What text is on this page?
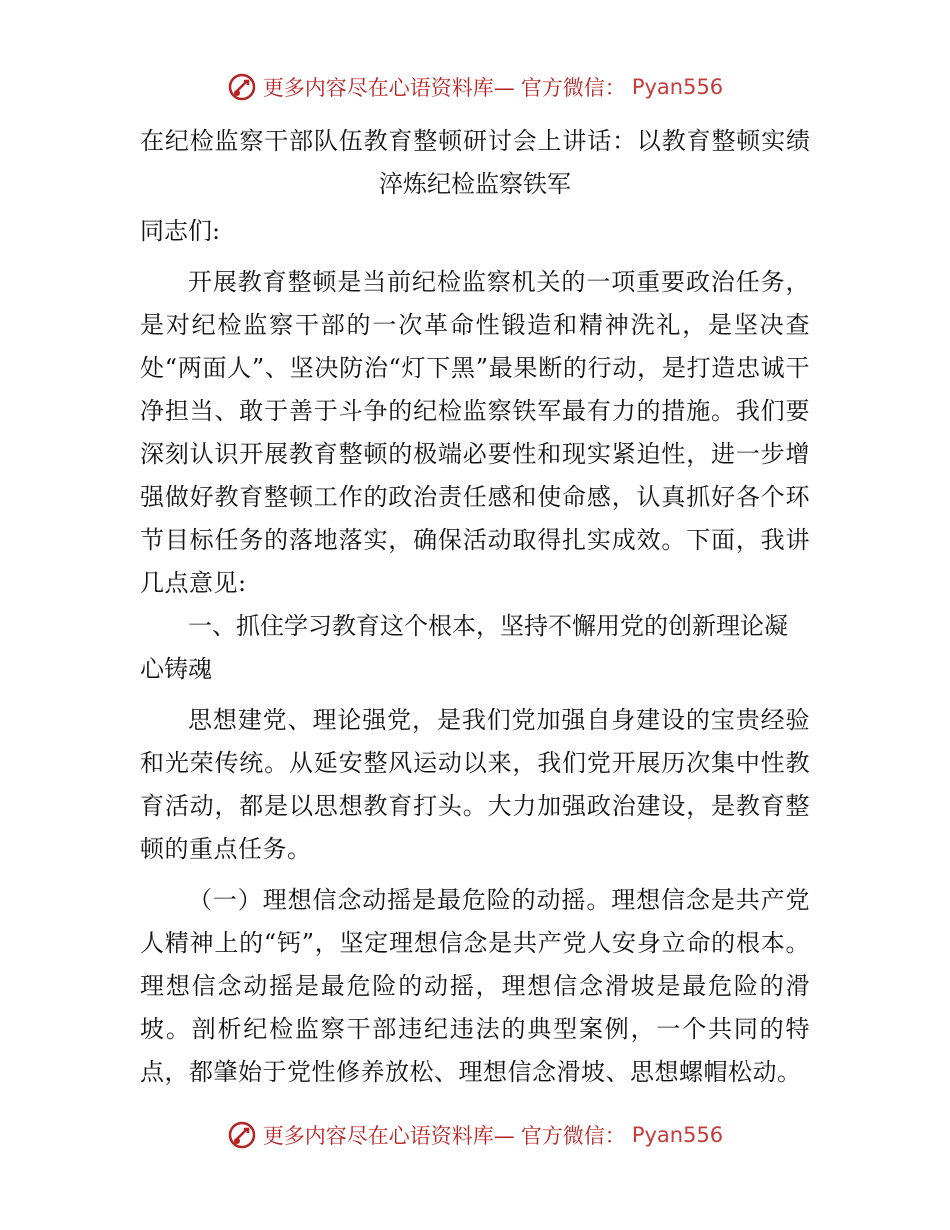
更多内容尽在心语资料库— 官方微信： Pyan556

在纪检监察干部队伍教育整顿研讨会上讲话：以教育整顿实绩淬炼纪检监察铁军

同志们:

开展教育整顿是当前纪检监察机关的一项重要政治任务，是对纪检监察干部的一次革命性锻造和精神洗礼，是坚决查处“两面人”、坚决防治“灯下黑”最果断的行动，是打造忠诚干净担当、敢于善于斗争的纪检监察铁军最有力的措施。我们要深刻认识开展教育整顿的极端必要性和现实紧迫性，进一步增强做好教育整顿工作的政治责任感和使命感，认真抓好各个环节目标任务的落地落实，确保活动取得扎实成效。下面，我讲几点意见:

一、抓住学习教育这个根本，坚持不懈用党的创新理论凝心铸魂

思想建党、理论强党，是我们党加强自身建设的宝贵经验和光荣传统。从延安整风运动以来，我们党开展历次集中性教育活动，都是以思想教育打头。大力加强政治建设，是教育整顿的重点任务。

（一）理想信念动摇是最危险的动摇。理想信念是共产党人精神上的“钙”，坚定理想信念是共产党人安身立命的根本。理想信念动摇是最危险的动摇，理想信念滑坡是最危险的滑坡。剖析纪检监察干部违纪违法的典型案例，一个共同的特点，都肇始于党性修养放松、理想信念滑坡、思想螺帽松动。

更多内容尽在心语资料库— 官方微信： Pyan556
